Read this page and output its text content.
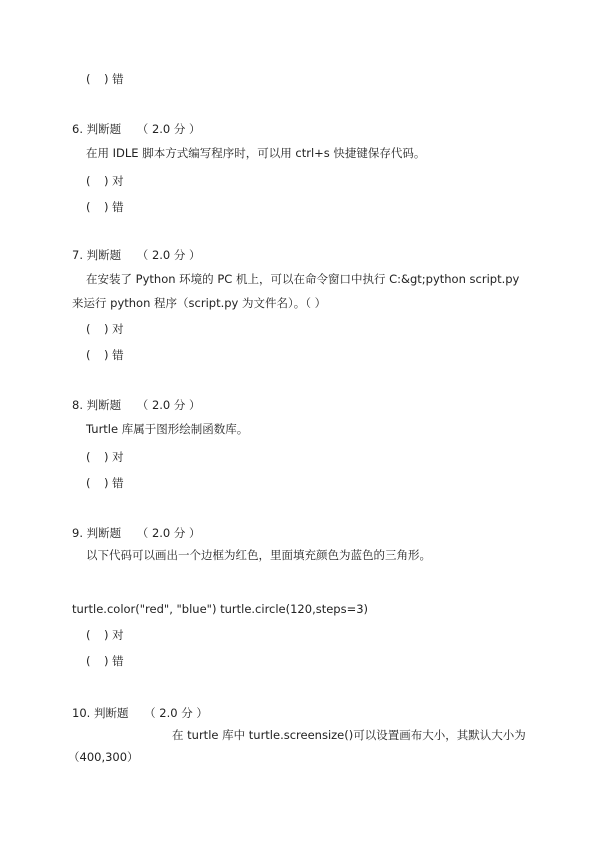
() 错
6. 判断题 （ 2.0 分 ）
在用 IDLE 脚本方式编写程序时，可以用 ctrl+s 快捷键保存代码。
() 对
() 错
7. 判断题 （ 2.0 分 ）
在安装了 Python 环境的 PC 机上，可以在命令窗口中执行 C:&gt;python script.py
来运行 python 程序（script.py 为文件名）。（ ）
() 对
() 错
8. 判断题 （ 2.0 分 ）
Turtle 库属于图形绘制函数库。
() 对
() 错
9. 判断题 （ 2.0 分 ）
以下代码可以画出一个边框为红色，里面填充颜色为蓝色的三角形。
turtle.color("red", "blue") turtle.circle(120,steps=3)
() 对
() 错
10. 判断题 （ 2.0 分 ）
在 turtle 库中 turtle.screensize()可以设置画布大小，其默认大小为
（400,300）
